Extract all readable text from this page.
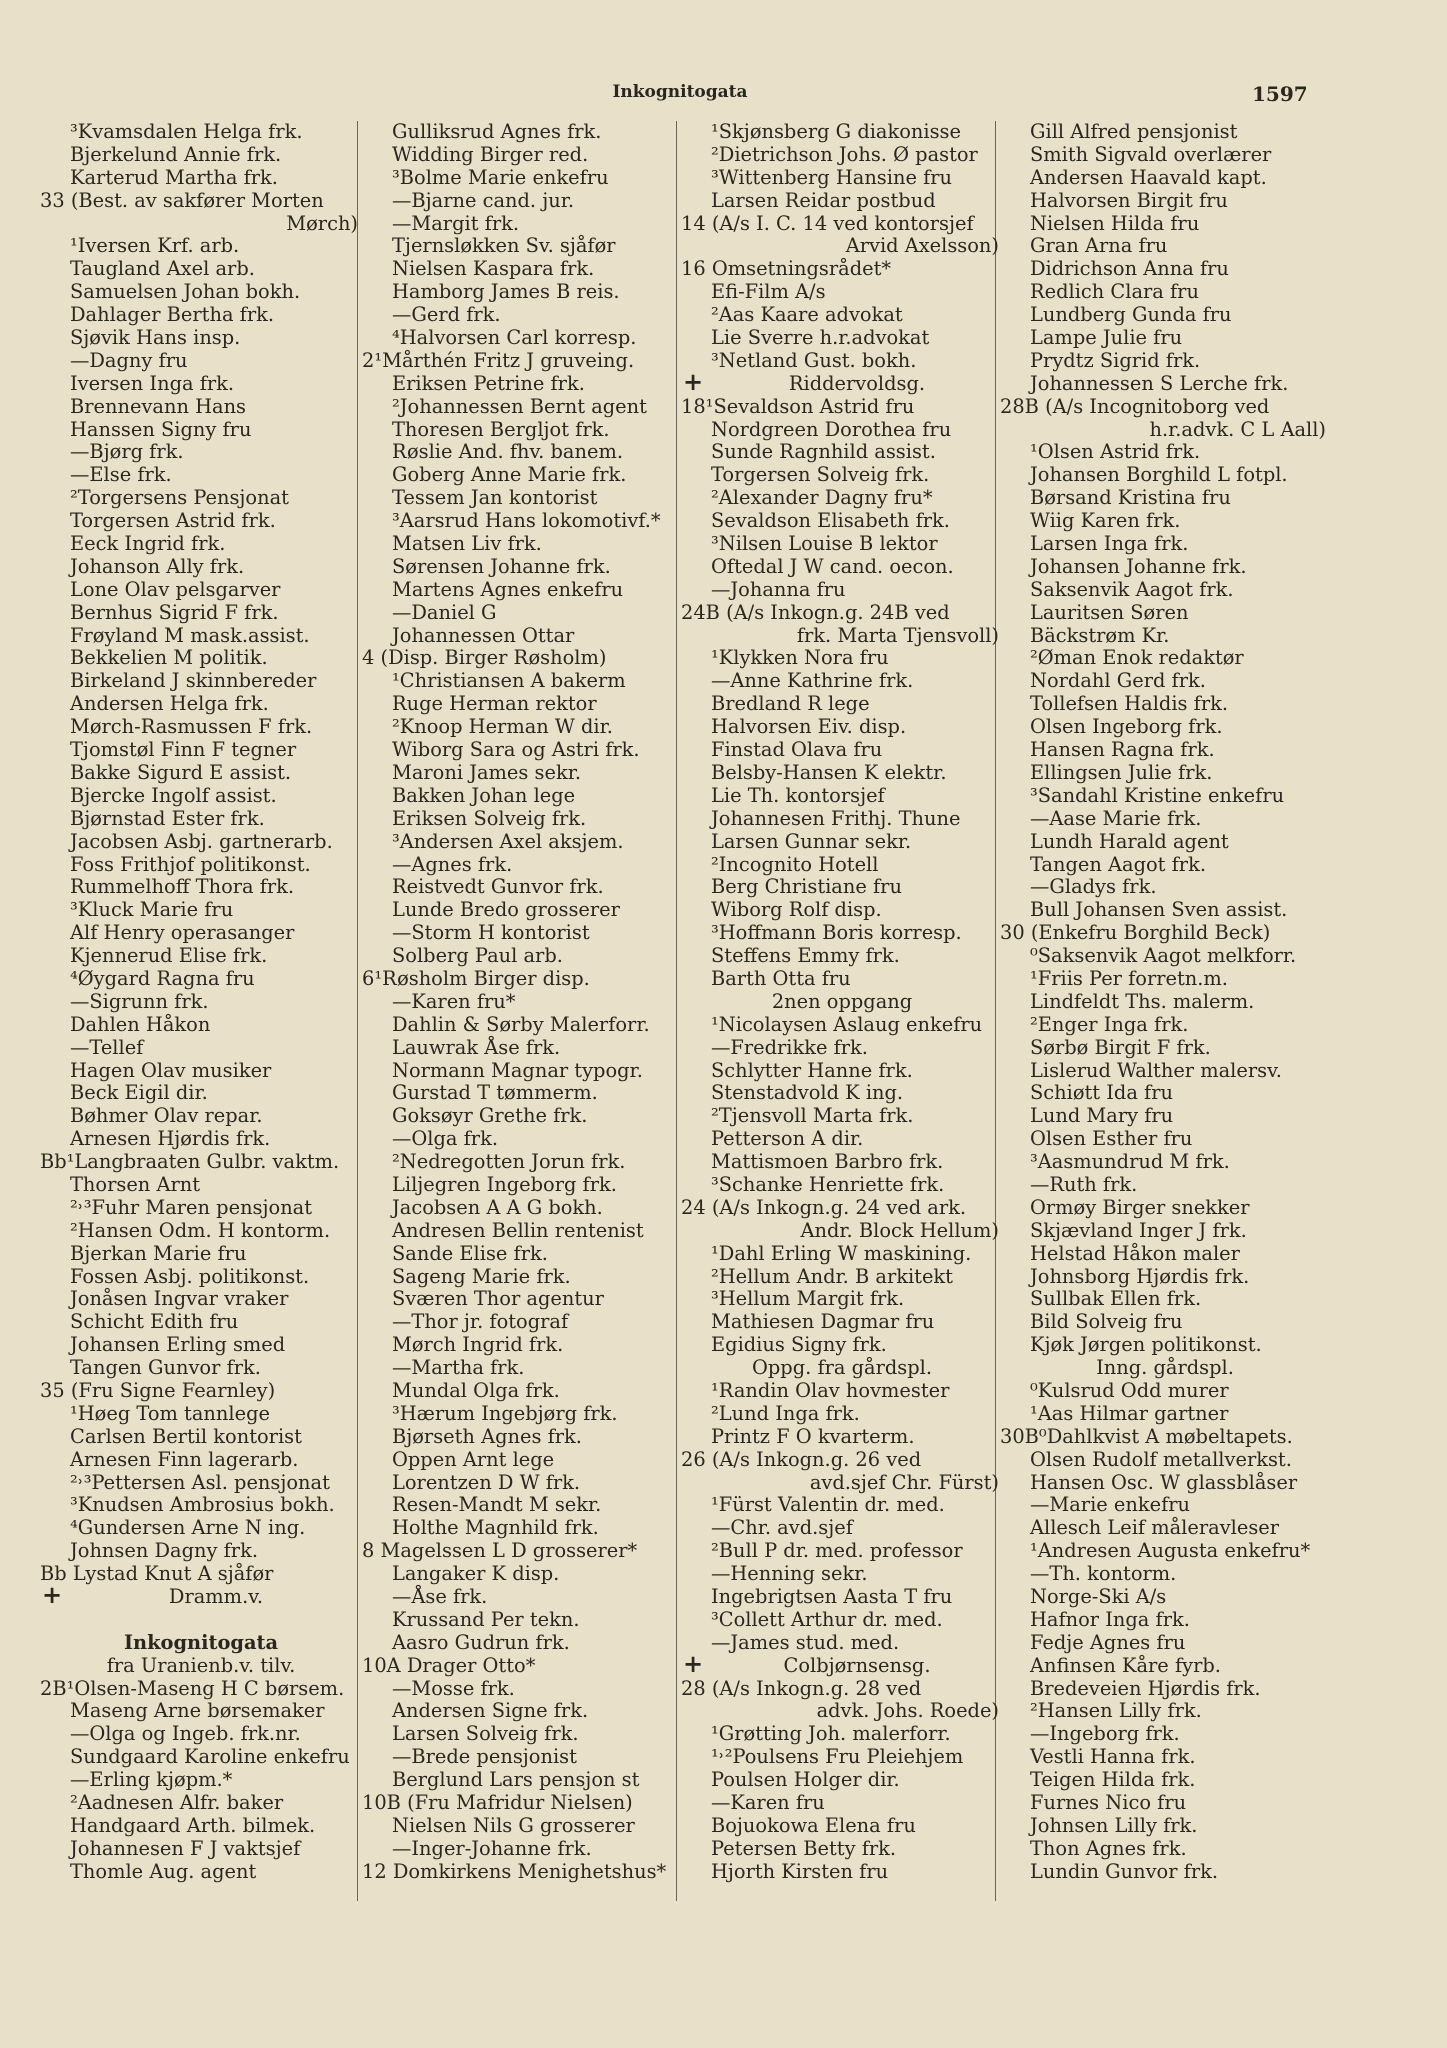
Inkognitogata	1597
³Kvamsdalen Helga frk.
Bjerkelund Annie frk.
Karterud Martha frk.
33 (Best. av sakfører Morten
Mørch)
¹Iversen Krf. arb.
Taugland Axel arb.
Samuelsen Johan bokh.
Dahlager Bertha frk.
Sjøvik Hans insp.
—Dagny fru
Iversen Inga frk.
Brennevann Hans
Hanssen Signy fru
—Bjørg frk.
—Else frk.
²Torgersens Pensjonat
Torgersen Astrid frk.
Eeck Ingrid frk.
Johanson Ally frk.
Lone Olav pelsgarver
Bernhus Sigrid F frk.
Frøyland M mask.assist.
Bekkelien M politik.
Birkeland J skinnbereder
Andersen Helga frk.
Mørch-Rasmussen F frk.
Tjomstøl Finn F tegner
Bakke Sigurd E assist.
Bjercke Ingolf assist.
Bjørnstad Ester frk.
Jacobsen Asbj. gartnerarb.
Foss Frithjof politikonst.
Rummelhoff Thora frk.
³Kluck Marie fru
Alf Henry operasanger
Kjennerud Elise frk.
⁴Øygard Ragna fru
—Sigrunn frk.
Dahlen Håkon
—Tellef
Hagen Olav musiker
Beck Eigil dir.
Bøhmer Olav repar.
Arnesen Hjørdis frk.
Bb¹Langbraaten Gulbr. vaktm.
Thorsen Arnt
²˒³Fuhr Maren pensjonat
²Hansen Odm. H kontorm.
Bjerkan Marie fru
Fossen Asbj. politikonst.
Jonåsen Ingvar vraker
Schicht Edith fru
Johansen Erling smed
Tangen Gunvor frk.
35 (Fru Signe Fearnley)
¹Høeg Tom tannlege
Carlsen Bertil kontorist
Arnesen Finn lagerarb.
²˒³Pettersen Asl. pensjonat
³Knudsen Ambrosius bokh.
⁴Gundersen Arne N ing.
Johnsen Dagny frk.
Bb Lystad Knut A sjåfør
+ Dramm.v.
Inkognitogata
fra Uranienb.v. tilv.
2B¹Olsen-Maseng H C børsem.
Maseng Arne børsemaker
—Olga og Ingeb. frk.nr.
Sundgaard Karoline enkefru
—Erling kjøpm.*
²Aadnesen Alfr. baker
Handgaard Arth. bilmek.
Johannesen F J vaktsjef
Thomle Aug. agent
Gulliksrud Agnes frk.
Widding Birger red.
³Bolme Marie enkefru
—Bjarne cand. jur.
—Margit frk.
Tjernsløkken Sv. sjåfør
Nielsen Kaspara frk.
Hamborg James B reis.
—Gerd frk.
⁴Halvorsen Carl korresp.
2¹Mårthén Fritz J gruveing.
Eriksen Petrine frk.
²Johannessen Bernt agent
Thoresen Bergljot frk.
Røslie And. fhv. banem.
Goberg Anne Marie frk.
Tessem Jan kontorist
³Aarsrud Hans lokomotivf.*
Matsen Liv frk.
Sørensen Johanne frk.
Martens Agnes enkefru
—Daniel G
Johannessen Ottar
4 (Disp. Birger Røsholm)
¹Christiansen A bakerm
Ruge Herman rektor
²Knoop Herman W dir.
Wiborg Sara og Astri frk.
Maroni James sekr.
Bakken Johan lege
Eriksen Solveig frk.
³Andersen Axel aksjem.
—Agnes frk.
Reistvedt Gunvor frk.
Lunde Bredo grosserer
—Storm H kontorist
Solberg Paul arb.
6¹Røsholm Birger disp.
—Karen fru*
Dahlin & Sørby Malerforr.
Lauwrak Åse frk.
Normann Magnar typogr.
Gurstad T tømmerm.
Goksøyr Grethe frk.
—Olga frk.
²Nedregotten Jorun frk.
Liljegren Ingeborg frk.
Jacobsen A A G bokh.
Andresen Bellin rentenist
Sande Elise frk.
Sageng Marie frk.
Sværen Thor agentur
—Thor jr. fotograf
Mørch Ingrid frk.
—Martha frk.
Mundal Olga frk.
³Hærum Ingebjørg frk.
Bjørseth Agnes frk.
Oppen Arnt lege
Lorentzen D W frk.
Resen-Mandt M sekr.
Holthe Magnhild frk.
8 Magelssen L D grosserer*
Langaker K disp.
—Åse frk.
Krussand Per tekn.
Aasro Gudrun frk.
10A Drager Otto*
—Mosse frk.
Andersen Signe frk.
Larsen Solveig frk.
—Brede pensjonist
Berglund Lars pensjon st
10B (Fru Mafridur Nielsen)
Nielsen Nils G grosserer
—Inger-Johanne frk.
12 Domkirkens Menighetshus*
¹Skjønsberg G diakonisse
²Dietrichson Johs. Ø pastor
³Wittenberg Hansine fru
Larsen Reidar postbud
14 (A/s I. C. 14 ved kontorsjef
Arvid Axelsson)
16 Omsetningsrådet*
Efi-Film A/s
²Aas Kaare advokat
Lie Sverre h.r.advokat
³Netland Gust. bokh.
+ Riddervoldsg.
18¹Sevaldson Astrid fru
Nordgreen Dorothea fru
Sunde Ragnhild assist.
Torgersen Solveig frk.
²Alexander Dagny fru*
Sevaldson Elisabeth frk.
³Nilsen Louise B lektor
Oftedal J W cand. oecon.
—Johanna fru
24B (A/s Inkogn.g. 24B ved
frk. Marta Tjensvoll)
¹Klykken Nora fru
—Anne Kathrine frk.
Bredland R lege
Halvorsen Eiv. disp.
Finstad Olava fru
Belsby-Hansen K elektr.
Lie Th. kontorsjef
Johannesen Frithj. Thune
Larsen Gunnar sekr.
²Incognito Hotell
Berg Christiane fru
Wiborg Rolf disp.
³Hoffmann Boris korresp.
Steffens Emmy frk.
Barth Otta fru
2nen oppgang
¹Nicolaysen Aslaug enkefru
—Fredrikke frk.
Schlytter Hanne frk.
Stenstadvold K ing.
²Tjensvoll Marta frk.
Petterson A dir.
Mattismoen Barbro frk.
³Schanke Henriette frk.
24 (A/s Inkogn.g. 24 ved ark.
Andr. Block Hellum)
¹Dahl Erling W maskining.
²Hellum Andr. B arkitekt
³Hellum Margit frk.
Mathiesen Dagmar fru
Egidius Signy frk.
Oppg. fra gårdspl.
¹Randin Olav hovmester
²Lund Inga frk.
Printz F O kvarterm.
26 (A/s Inkogn.g. 26 ved
avd.sjef Chr. Fürst)
¹Fürst Valentin dr. med.
—Chr. avd.sjef
²Bull P dr. med. professor
—Henning sekr.
Ingebrigtsen Aasta T fru
³Collett Arthur dr. med.
—James stud. med.
+ Colbjørnsensg.
28 (A/s Inkogn.g. 28 ved
advk. Johs. Roede)
¹Grøtting Joh. malerforr.
¹˒²Poulsens Fru Pleiehjem
Poulsen Holger dir.
—Karen fru
Bojuokowa Elena fru
Petersen Betty frk.
Hjorth Kirsten fru
Gill Alfred pensjonist
Smith Sigvald overlærer
Andersen Haavald kapt.
Halvorsen Birgit fru
Nielsen Hilda fru
Gran Arna fru
Didrichson Anna fru
Redlich Clara fru
Lundberg Gunda fru
Lampe Julie fru
Prydtz Sigrid frk.
Johannessen S Lerche frk.
28B (A/s Incognitoborg ved
h.r.advk. C L Aall)
¹Olsen Astrid frk.
Johansen Borghild L fotpl.
Børsand Kristina fru
Wiig Karen frk.
Larsen Inga frk.
Johansen Johanne frk.
Saksenvik Aagot frk.
Lauritsen Søren
Bäckstrøm Kr.
²Øman Enok redaktør
Nordahl Gerd frk.
Tollefsen Haldis frk.
Olsen Ingeborg frk.
Hansen Ragna frk.
Ellingsen Julie frk.
³Sandahl Kristine enkefru
—Aase Marie frk.
Lundh Harald agent
Tangen Aagot frk.
—Gladys frk.
Bull Johansen Sven assist.
30 (Enkefru Borghild Beck)
⁰Saksenvik Aagot melkforr.
¹Friis Per forretn.m.
Lindfeldt Ths. malerm.
²Enger Inga frk.
Sørbø Birgit F frk.
Lislerud Walther malersv.
Schiøtt Ida fru
Lund Mary fru
Olsen Esther fru
³Aasmundrud M frk.
—Ruth frk.
Ormøy Birger snekker
Skjævland Inger J frk.
Helstad Håkon maler
Johnsborg Hjørdis frk.
Sullbak Ellen frk.
Bild Solveig fru
Kjøk Jørgen politikonst.
Inng. gårdspl.
⁰Kulsrud Odd murer
¹Aas Hilmar gartner
30B⁰Dahlkvist A møbeltapets.
Olsen Rudolf metallverkst.
Hansen Osc. W glassblåser
—Marie enkefru
Allesch Leif måleravleser
¹Andresen Augusta enkefru*
—Th. kontorm.
Norge-Ski A/s
Hafnor Inga frk.
Fedje Agnes fru
Anfinsen Kåre fyrb.
Bredeveien Hjørdis frk.
²Hansen Lilly frk.
—Ingeborg frk.
Vestli Hanna frk.
Teigen Hilda frk.
Furnes Nico fru
Johnsen Lilly frk.
Thon Agnes frk.
Lundin Gunvor frk.
